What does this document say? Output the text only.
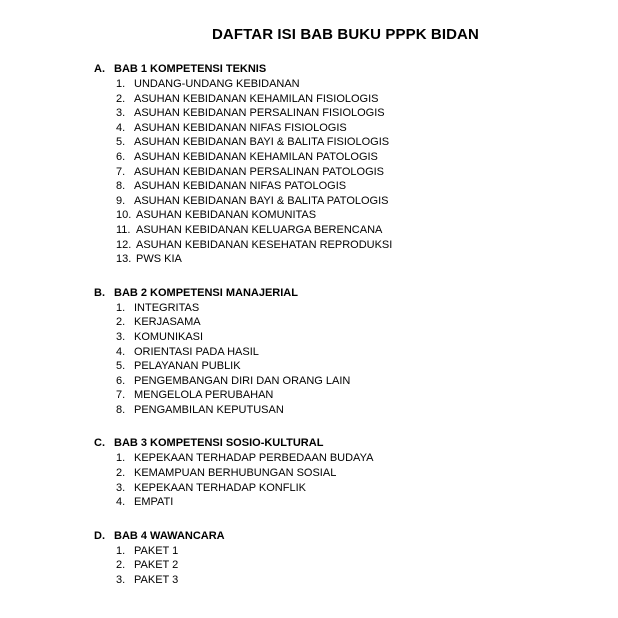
DAFTAR ISI BAB BUKU PPPK BIDAN
A. BAB 1 KOMPETENSI TEKNIS
1. UNDANG-UNDANG KEBIDANAN
2. ASUHAN KEBIDANAN KEHAMILAN FISIOLOGIS
3. ASUHAN KEBIDANAN PERSALINAN FISIOLOGIS
4. ASUHAN KEBIDANAN NIFAS FISIOLOGIS
5. ASUHAN KEBIDANAN BAYI & BALITA FISIOLOGIS
6. ASUHAN KEBIDANAN KEHAMILAN PATOLOGIS
7. ASUHAN KEBIDANAN PERSALINAN PATOLOGIS
8. ASUHAN KEBIDANAN NIFAS PATOLOGIS
9. ASUHAN KEBIDANAN BAYI & BALITA PATOLOGIS
10. ASUHAN KEBIDANAN KOMUNITAS
11. ASUHAN KEBIDANAN KELUARGA BERENCANA
12. ASUHAN KEBIDANAN KESEHATAN REPRODUKSI
13. PWS KIA
B. BAB 2 KOMPETENSI MANAJERIAL
1. INTEGRITAS
2. KERJASAMA
3. KOMUNIKASI
4. ORIENTASI PADA HASIL
5. PELAYANAN PUBLIK
6. PENGEMBANGAN DIRI DAN ORANG LAIN
7. MENGELOLA PERUBAHAN
8. PENGAMBILAN KEPUTUSAN
C. BAB 3 KOMPETENSI SOSIO-KULTURAL
1. KEPEKAAN TERHADAP PERBEDAAN BUDAYA
2. KEMAMPUAN BERHUBUNGAN SOSIAL
3. KEPEKAAN TERHADAP KONFLIK
4. EMPATI
D. BAB 4 WAWANCARA
1. PAKET 1
2. PAKET 2
3. PAKET 3
